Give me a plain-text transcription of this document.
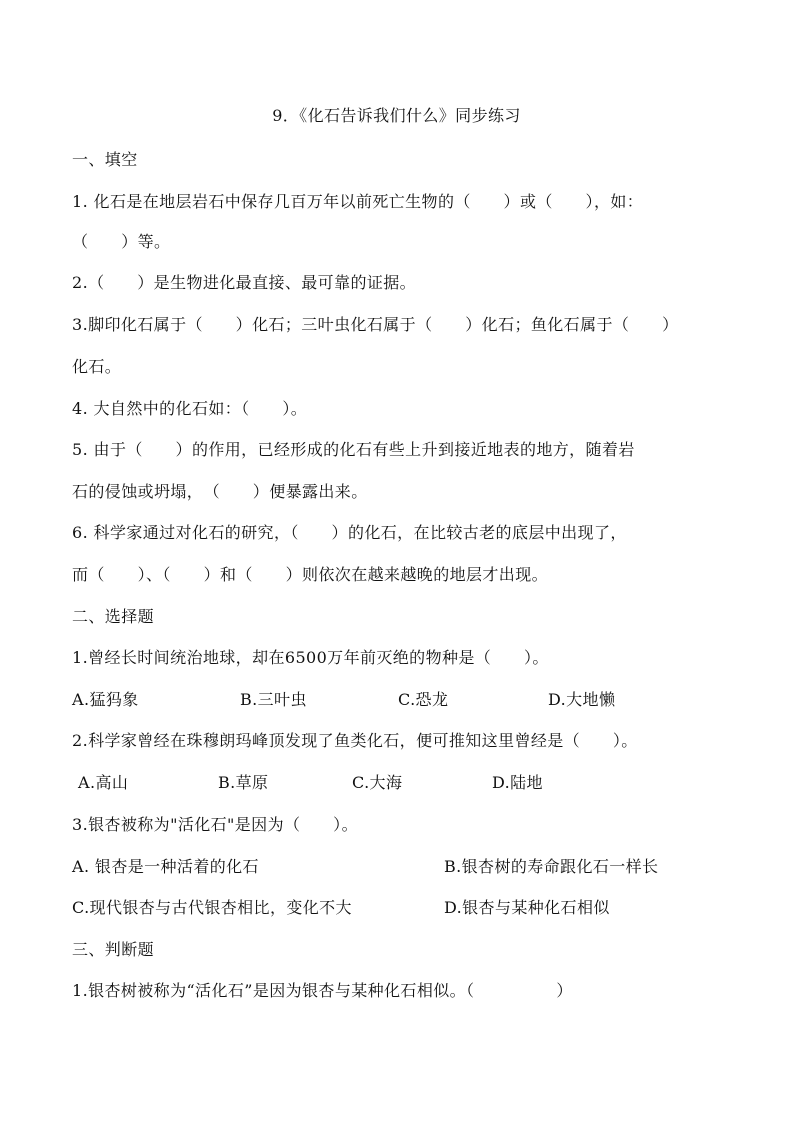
9．《化石告诉我们什么》同步练习
一、填空
1. 化石是在地层岩石中保存几百万年以前死亡生物的（　　）或（　　），如：
（　　）等。
2.（　　）是生物进化最直接、最可靠的证据。
3.脚印化石属于（　　）化石；三叶虫化石属于（　　）化石；鱼化石属于（　　）
化石。
4. 大自然中的化石如：（　　）。
5. 由于（　　）的作用，已经形成的化石有些上升到接近地表的地方，随着岩
石的侵蚀或坍塌，　（　　）便暴露出来。
6. 科学家通过对化石的研究，（　　）的化石，在比较古老的底层中出现了，
而（　　）、（　　）和（　　）则依次在越来越晚的地层才出现。
二、选择题
1.曾经长时间统治地球，却在6500万年前灭绝的物种是（　　）。
A.猛犸象	B.三叶虫	C.恐龙	D.大地懒
2.科学家曾经在珠穆朗玛峰顶发现了鱼类化石，便可推知这里曾经是（　　）。
A.高山	B.草原	C.大海	D.陆地
3.银杏被称为"活化石"是因为（　　）。
A. 银杏是一种活着的化石	B.银杏树的寿命跟化石一样长
C.现代银杏与古代银杏相比，变化不大	D.银杏与某种化石相似
三、判断题
1.银杏树被称为“活化石”是因为银杏与某种化石相似。（　　　　　）
